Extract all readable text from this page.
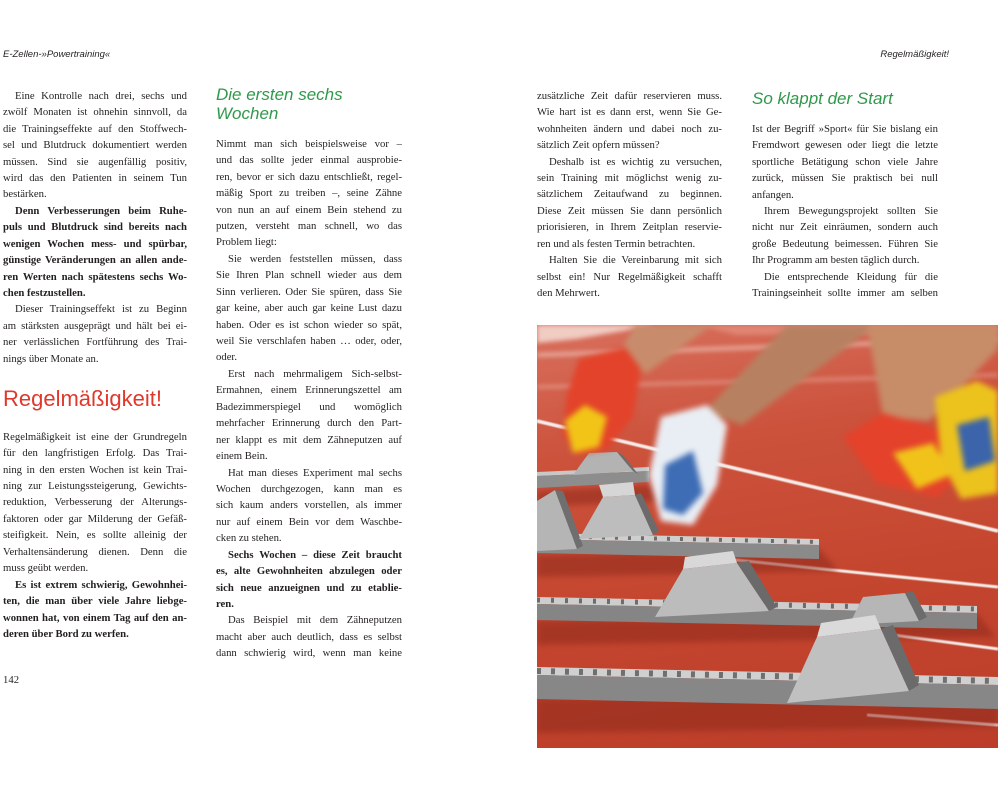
E-Zellen-»Powertraining«
Eine Kontrolle nach drei, sechs und
zwölf Monaten ist ohnehin sinnvoll, da
die Trainingseffekte auf den Stoffwech-
sel und Blutdruck dokumentiert werden
müssen. Sind sie augenfällig positiv,
wird das den Patienten in seinem Tun
bestärken.
Denn Verbesserungen beim Ruhe-
puls und Blutdruck sind bereits nach
wenigen Wochen mess- und spürbar,
günstige Veränderungen an allen ande-
ren Werten nach spätestens sechs Wo-
chen festzustellen.
Dieser Trainingseffekt ist zu Beginn
am stärksten ausgeprägt und hält bei ei-
ner verlässlichen Fortführung des Trai-
nings über Monate an.
Regelmäßigkeit!
Regelmäßigkeit ist eine der Grundregeln
für den langfristigen Erfolg. Das Trai-
ning in den ersten Wochen ist kein Trai-
ning zur Leistungssteigerung, Gewichts-
reduktion, Verbesserung der Alterungs-
faktoren oder gar Milderung der Gefäß-
steifigkeit. Nein, es sollte alleinig der
Verhaltensänderung dienen. Denn die
muss geübt werden.
Es ist extrem schwierig, Gewohnhei-
ten, die man über viele Jahre liebge-
wonnen hat, von einem Tag auf den an-
deren über Bord zu werfen.
Die ersten sechs
Wochen
Nimmt man sich beispielsweise vor –
und das sollte jeder einmal ausprobie-
ren, bevor er sich dazu entschließt, regel-
mäßig Sport zu treiben –, seine Zähne
von nun an auf einem Bein stehend zu
putzen, versteht man schnell, wo das
Problem liegt:
Sie werden feststellen müssen, dass
Sie Ihren Plan schnell wieder aus dem
Sinn verlieren. Oder Sie spüren, dass Sie
gar keine, aber auch gar keine Lust dazu
haben. Oder es ist schon wieder so spät,
weil Sie verschlafen haben … oder, oder,
oder.
Erst nach mehrmaligem Sich-selbst-
Ermahnen, einem Erinnerungszettel am
Badezimmerspiegel und womöglich
mehrfacher Erinnerung durch den Part-
ner klappt es mit dem Zähneputzen auf
einem Bein.
Hat man dieses Experiment mal sechs
Wochen durchgezogen, kann man es
sich kaum anders vorstellen, als immer
nur auf einem Bein vor dem Waschbe-
cken zu stehen.
Sechs Wochen – diese Zeit braucht
es, alte Gewohnheiten abzulegen oder
sich neue anzueignen und zu etablie-
ren.
Das Beispiel mit dem Zähneputzen
macht aber auch deutlich, dass es selbst
dann schwierig wird, wenn man keine
142
Regelmäßigkeit!
zusätzliche Zeit dafür reservieren muss.
Wie hart ist es dann erst, wenn Sie Ge-
wohnheiten ändern und dabei noch zu-
sätzlich Zeit opfern müssen?
Deshalb ist es wichtig zu versuchen,
sein Training mit möglichst wenig zu-
sätzlichem Zeitaufwand zu beginnen.
Diese Zeit müssen Sie dann persönlich
priorisieren, in Ihrem Zeitplan reservie-
ren und als festen Termin betrachten.
Halten Sie die Vereinbarung mit sich
selbst ein! Nur Regelmäßigkeit schafft
den Mehrwert.
So klappt der Start
Ist der Begriff »Sport« für Sie bislang ein
Fremdwort gewesen oder liegt die letzte
sportliche Betätigung schon viele Jahre
zurück, müssen Sie praktisch bei null
anfangen.
Ihrem Bewegungsprojekt sollten Sie
nicht nur Zeit einräumen, sondern auch
große Bedeutung beimessen. Führen Sie
Ihr Programm am besten täglich durch.
Die entsprechende Kleidung für die
Trainingseinheit sollte immer am selben
